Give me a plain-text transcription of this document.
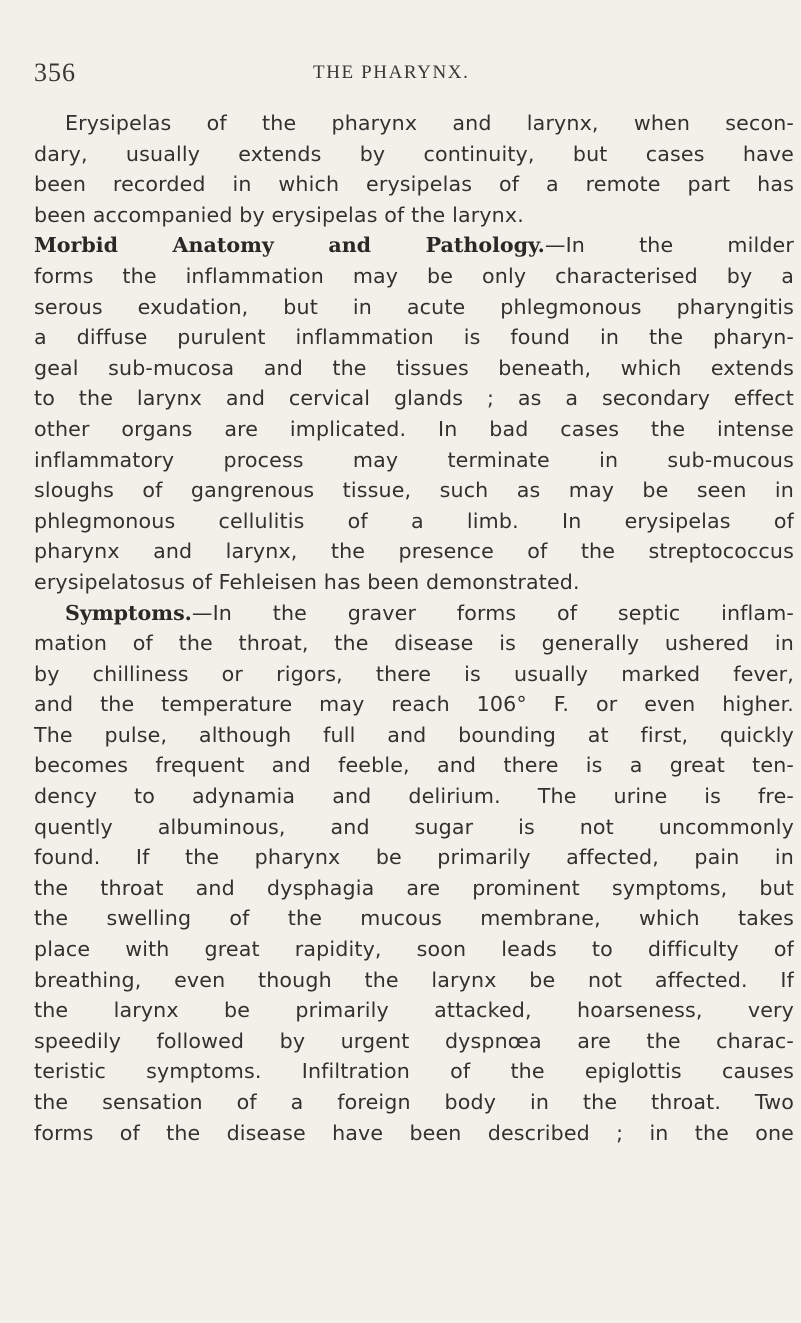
356	THE PHARYNX.
Erysipelas of the pharynx and larynx, when secon-
dary, usually extends by continuity, but cases have
been recorded in which erysipelas of a remote part has
been accompanied by erysipelas of the larynx.
Morbid Anatomy and Pathology.—In the milder
forms the inflammation may be only characterised by a
serous exudation, but in acute phlegmonous pharyngitis
a diffuse purulent inflammation is found in the pharyn-
geal sub-mucosa and the tissues beneath, which extends
to the larynx and cervical glands ; as a secondary effect
other organs are implicated. In bad cases the intense
inflammatory process may terminate in sub-mucous
sloughs of gangrenous tissue, such as may be seen in
phlegmonous cellulitis of a limb. In erysipelas of
pharynx and larynx, the presence of the streptococcus
erysipelatosus of Fehleisen has been demonstrated.
Symptoms.—In the graver forms of septic inflam-
mation of the throat, the disease is generally ushered in
by chilliness or rigors, there is usually marked fever,
and the temperature may reach 106° F. or even higher.
The pulse, although full and bounding at first, quickly
becomes frequent and feeble, and there is a great ten-
dency to adynamia and delirium. The urine is fre-
quently albuminous, and sugar is not uncommonly
found. If the pharynx be primarily affected, pain in
the throat and dysphagia are prominent symptoms, but
the swelling of the mucous membrane, which takes
place with great rapidity, soon leads to difficulty of
breathing, even though the larynx be not affected. If
the larynx be primarily attacked, hoarseness, very
speedily followed by urgent dyspnœa are the charac-
teristic symptoms. Infiltration of the epiglottis causes
the sensation of a foreign body in the throat. Two
forms of the disease have been described ; in the one
